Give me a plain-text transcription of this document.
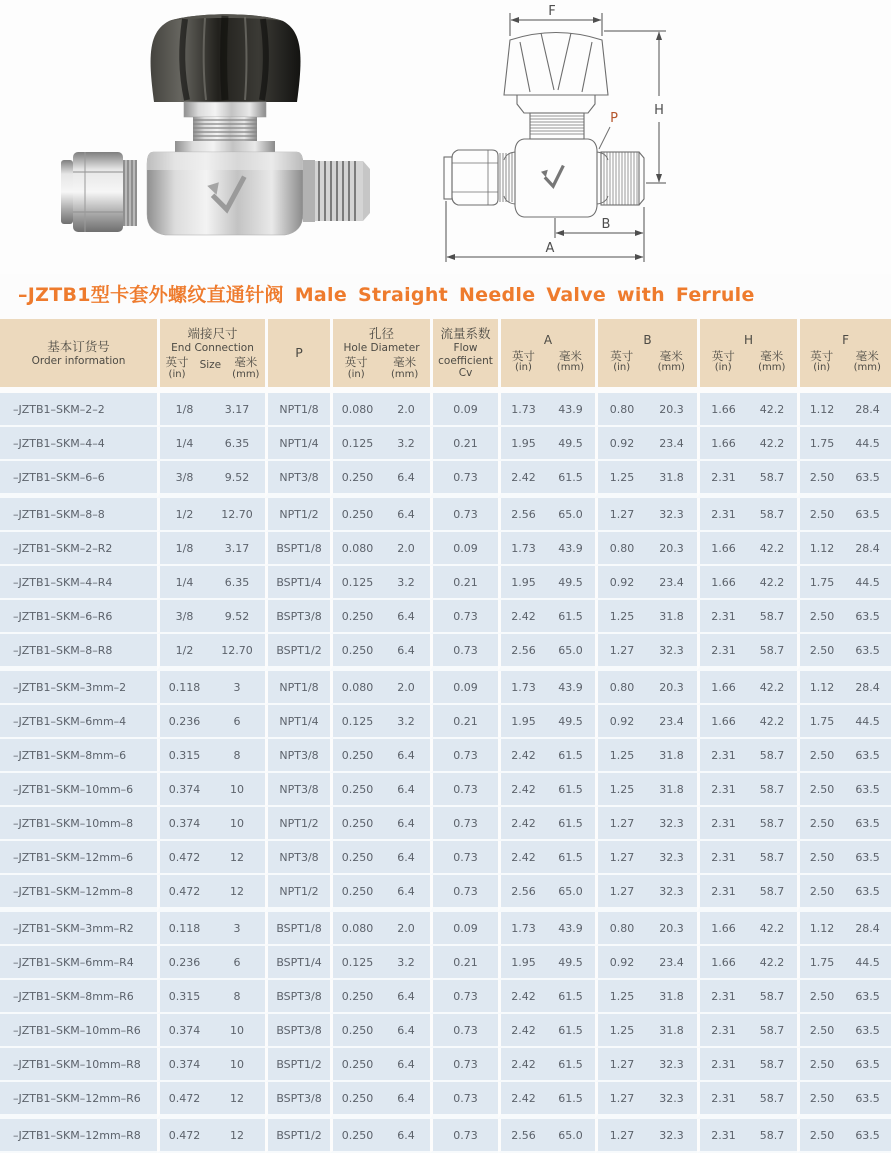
F
H
P
B
A
–JZTB1型卡套外螺纹直通针阀 Male Straight Needle Valve with Ferrule
基本订货号
Order information

端接尺寸
End Connection
英寸
(in)
Size 毫米
(mm)

P

孔径
Hole Diameter
英寸
(in)
毫米
(mm)

流量系数
Flow
coefficient
Cv

A
英寸
(in)
毫米
(mm)

B
英寸
(in)
毫米
(mm)

H
英寸
(in)
毫米
(mm)

F
英寸
(in)
毫米
(mm)

–JZTB1–SKM–2–2	1/8	3.17	NPT1/8	0.080	2.0	0.09	1.73	43.9	0.80	20.3	1.66	42.2	1.12	28.4
–JZTB1–SKM–4–4	1/4	6.35	NPT1/4	0.125	3.2	0.21	1.95	49.5	0.92	23.4	1.66	42.2	1.75	44.5
–JZTB1–SKM–6–6	3/8	9.52	NPT3/8	0.250	6.4	0.73	2.42	61.5	1.25	31.8	2.31	58.7	2.50	63.5
–JZTB1–SKM–8–8	1/2	12.70	NPT1/2	0.250	6.4	0.73	2.56	65.0	1.27	32.3	2.31	58.7	2.50	63.5
–JZTB1–SKM–2–R2	1/8	3.17	BSPT1/8	0.080	2.0	0.09	1.73	43.9	0.80	20.3	1.66	42.2	1.12	28.4
–JZTB1–SKM–4–R4	1/4	6.35	BSPT1/4	0.125	3.2	0.21	1.95	49.5	0.92	23.4	1.66	42.2	1.75	44.5
–JZTB1–SKM–6–R6	3/8	9.52	BSPT3/8	0.250	6.4	0.73	2.42	61.5	1.25	31.8	2.31	58.7	2.50	63.5
–JZTB1–SKM–8–R8	1/2	12.70	BSPT1/2	0.250	6.4	0.73	2.56	65.0	1.27	32.3	2.31	58.7	2.50	63.5
–JZTB1–SKM–3mm–2	0.118	3	NPT1/8	0.080	2.0	0.09	1.73	43.9	0.80	20.3	1.66	42.2	1.12	28.4
–JZTB1–SKM–6mm–4	0.236	6	NPT1/4	0.125	3.2	0.21	1.95	49.5	0.92	23.4	1.66	42.2	1.75	44.5
–JZTB1–SKM–8mm–6	0.315	8	NPT3/8	0.250	6.4	0.73	2.42	61.5	1.25	31.8	2.31	58.7	2.50	63.5
–JZTB1–SKM–10mm–6	0.374	10	NPT3/8	0.250	6.4	0.73	2.42	61.5	1.25	31.8	2.31	58.7	2.50	63.5
–JZTB1–SKM–10mm–8	0.374	10	NPT1/2	0.250	6.4	0.73	2.42	61.5	1.27	32.3	2.31	58.7	2.50	63.5
–JZTB1–SKM–12mm–6	0.472	12	NPT3/8	0.250	6.4	0.73	2.42	61.5	1.27	32.3	2.31	58.7	2.50	63.5
–JZTB1–SKM–12mm–8	0.472	12	NPT1/2	0.250	6.4	0.73	2.56	65.0	1.27	32.3	2.31	58.7	2.50	63.5
–JZTB1–SKM–3mm–R2	0.118	3	BSPT1/8	0.080	2.0	0.09	1.73	43.9	0.80	20.3	1.66	42.2	1.12	28.4
–JZTB1–SKM–6mm–R4	0.236	6	BSPT1/4	0.125	3.2	0.21	1.95	49.5	0.92	23.4	1.66	42.2	1.75	44.5
–JZTB1–SKM–8mm–R6	0.315	8	BSPT3/8	0.250	6.4	0.73	2.42	61.5	1.25	31.8	2.31	58.7	2.50	63.5
–JZTB1–SKM–10mm–R6	0.374	10	BSPT3/8	0.250	6.4	0.73	2.42	61.5	1.25	31.8	2.31	58.7	2.50	63.5
–JZTB1–SKM–10mm–R8	0.374	10	BSPT1/2	0.250	6.4	0.73	2.42	61.5	1.27	32.3	2.31	58.7	2.50	63.5
–JZTB1–SKM–12mm–R6	0.472	12	BSPT3/8	0.250	6.4	0.73	2.42	61.5	1.27	32.3	2.31	58.7	2.50	63.5
–JZTB1–SKM–12mm–R8	0.472	12	BSPT1/2	0.250	6.4	0.73	2.56	65.0	1.27	32.3	2.31	58.7	2.50	63.5
